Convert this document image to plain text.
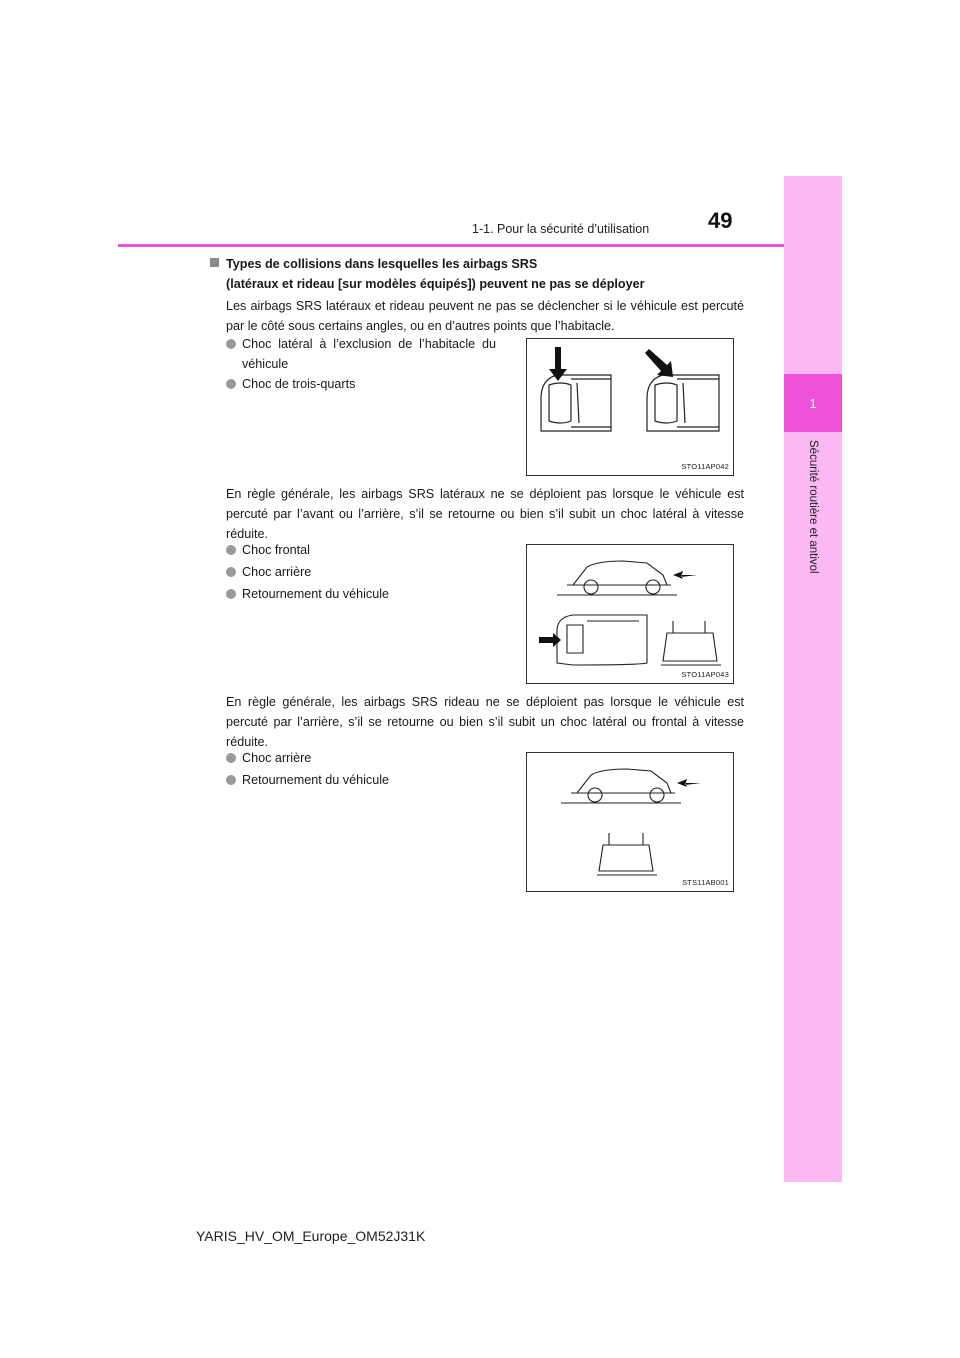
1
Sécurité routière et antivol
1-1. Pour la sécurité d’utilisation	49
Types de collisions dans lesquelles les airbags SRS
(latéraux et rideau [sur modèles équipés]) peuvent ne pas se déployer

Les airbags SRS latéraux et rideau peuvent ne pas se déclencher si le véhicule est percuté par le côté sous certains angles, ou en d’autres points que l’habitacle.

Choc latéral à l’exclusion de l’habitacle du véhicule
Choc de trois-quarts
STO11AP042

En règle générale, les airbags SRS latéraux ne se déploient pas lorsque le véhicule est percuté par l’avant ou l’arrière, s’il se retourne ou bien s’il subit un choc latéral à vitesse réduite.

Choc frontal
Choc arrière
Retournement du véhicule
STO11AP043

En règle générale, les airbags SRS rideau ne se déploient pas lorsque le véhicule est percuté par l’arrière, s’il se retourne ou bien s’il subit un choc latéral ou frontal à vitesse réduite.

Choc arrière
Retournement du véhicule
STS11AB001
YARIS_HV_OM_Europe_OM52J31K
